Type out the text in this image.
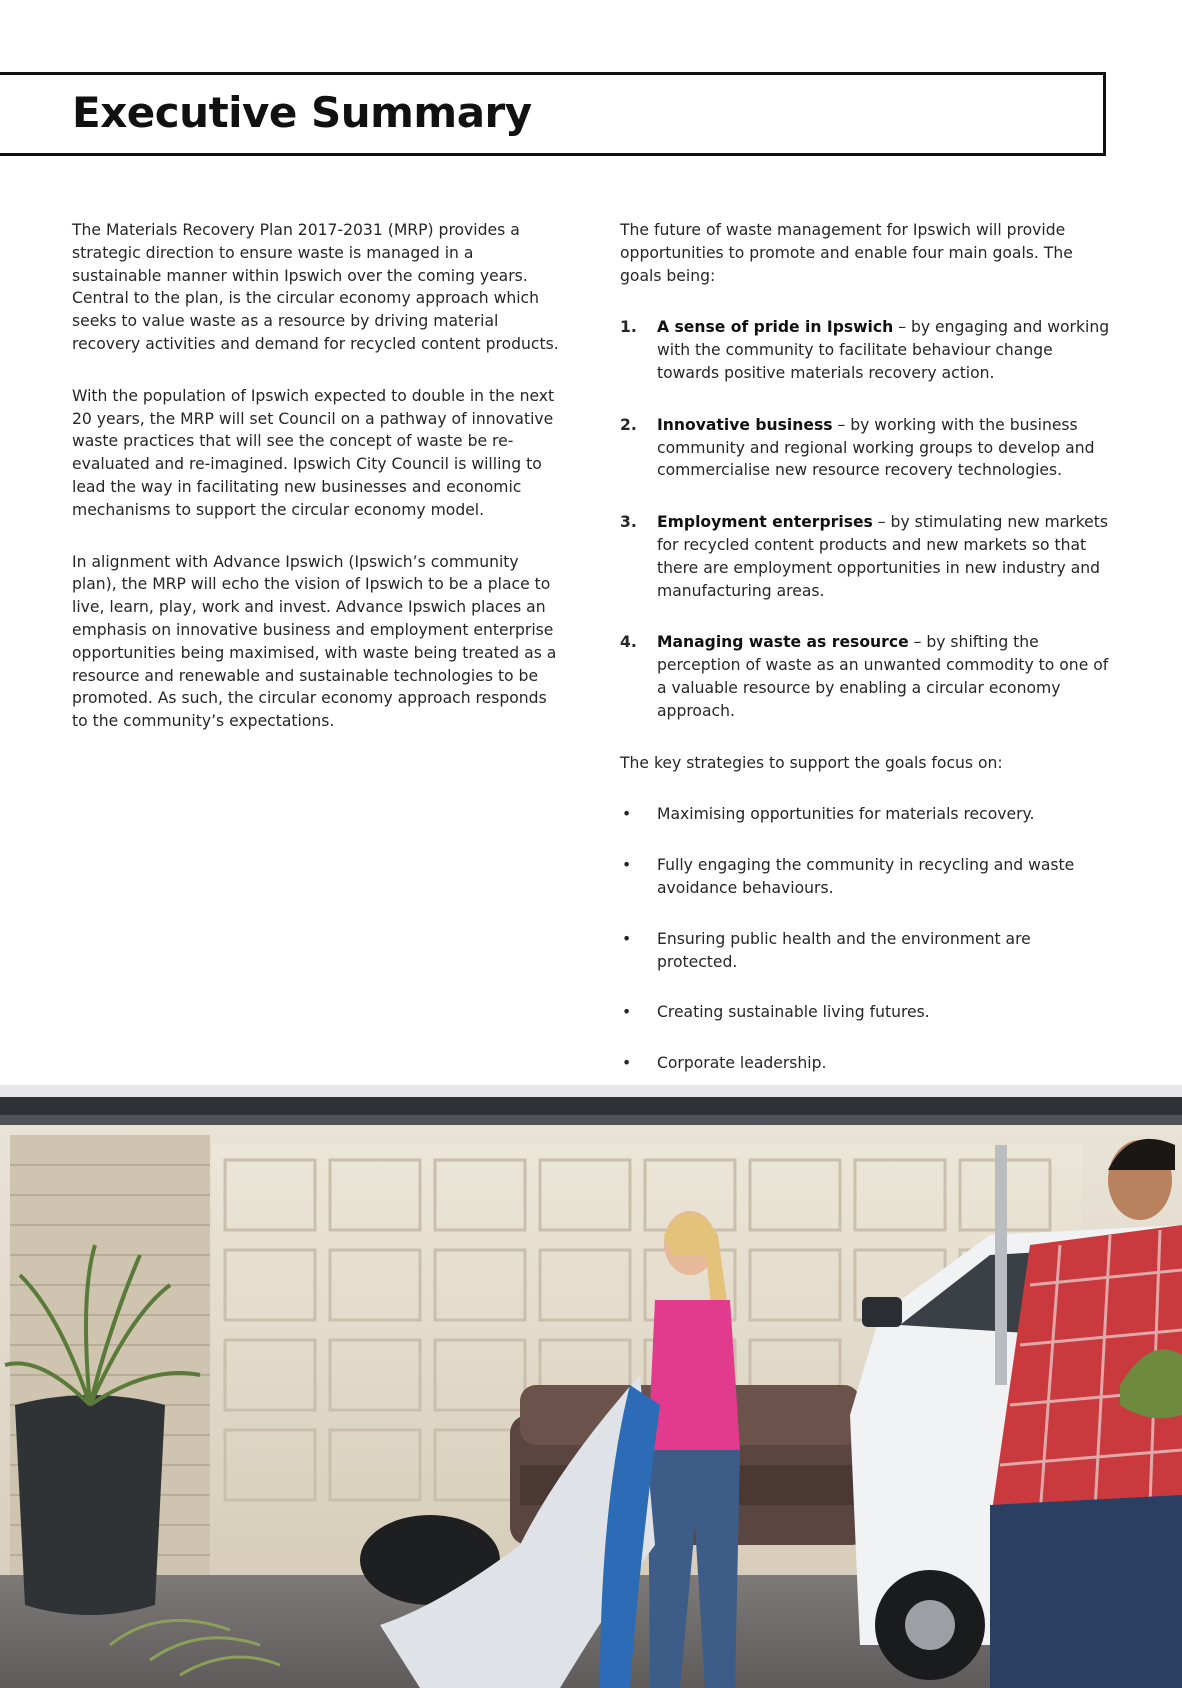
Executive Summary

The Materials Recovery Plan 2017-2031 (MRP) provides a strategic direction to ensure waste is managed in a sustainable manner within Ipswich over the coming years. Central to the plan, is the circular economy approach which seeks to value waste as a resource by driving material recovery activities and demand for recycled content products.

With the population of Ipswich expected to double in the next 20 years, the MRP will set Council on a pathway of innovative waste practices that will see the concept of waste be re-evaluated and re-imagined. Ipswich City Council is willing to lead the way in facilitating new businesses and economic mechanisms to support the circular economy model.

In alignment with Advance Ipswich (Ipswich’s community plan), the MRP will echo the vision of Ipswich to be a place to live, learn, play, work and invest. Advance Ipswich places an emphasis on innovative business and employment enterprise opportunities being maximised, with waste being treated as a resource and renewable and sustainable technologies to be promoted. As such, the circular economy approach responds to the community’s expectations.

The future of waste management for Ipswich will provide opportunities to promote and enable four main goals. The goals being:

1. A sense of pride in Ipswich – by engaging and working with the community to facilitate behaviour change towards positive materials recovery action.
2. Innovative business – by working with the business community and regional working groups to develop and commercialise new resource recovery technologies.
3. Employment enterprises – by stimulating new markets for recycled content products and new markets so that there are employment opportunities in new industry and manufacturing areas.
4. Managing waste as resource – by shifting the perception of waste as an unwanted commodity to one of a valuable resource by enabling a circular economy approach.

The key strategies to support the goals focus on:

• Maximising opportunities for materials recovery.
• Fully engaging the community in recycling and waste avoidance behaviours.
• Ensuring public health and the environment are protected.
• Creating sustainable living futures.
• Corporate leadership.
